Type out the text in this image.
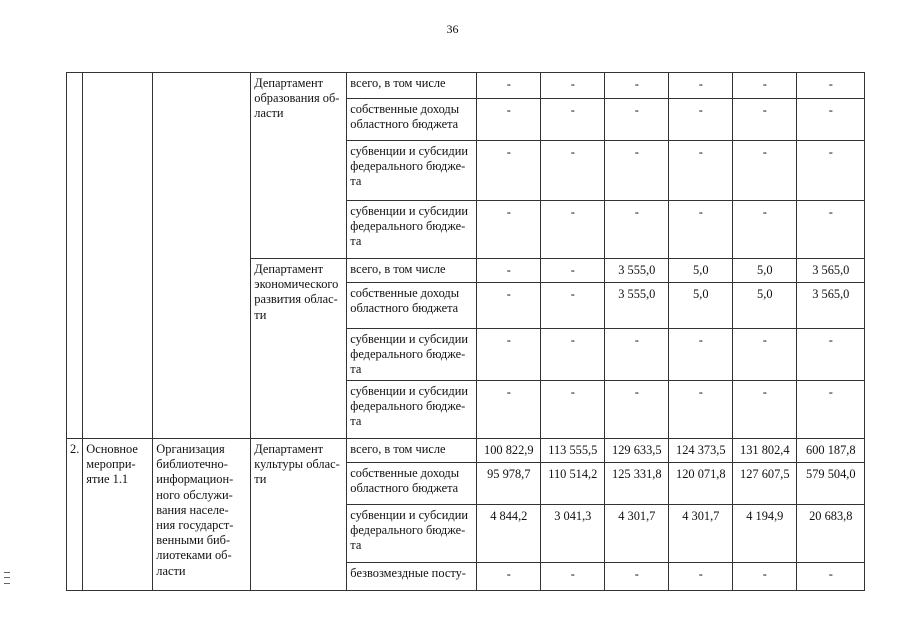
36
			Департамент образования об-ласти	всего, в том числе	-	-	-	-	-	-
				собственные доходы областного бюджета	-	-	-	-	-	-
				субвенции и субсидии федерального бюдже-та	-	-	-	-	-	-
				субвенции и субсидии федерального бюдже-та	-	-	-	-	-	-
			Департамент экономического развития облас-ти	всего, в том числе	-	-	3 555,0	5,0	5,0	3 565,0
				собственные доходы областного бюджета	-	-	3 555,0	5,0	5,0	3 565,0
				субвенции и субсидии федерального бюдже-та	-	-	-	-	-	-
				субвенции и субсидии федерального бюдже-та	-	-	-	-	-	-
2.	Основное меропри-ятие 1.1	Организация библиотечно-информацион-ного обслужи-вания населе-ния государст-венными биб-лиотеками об-ласти	Департамент культуры облас-ти	всего, в том числе	100 822,9	113 555,5	129 633,5	124 373,5	131 802,4	600 187,8
				собственные доходы областного бюджета	95 978,7	110 514,2	125 331,8	120 071,8	127 607,5	579 504,0
				субвенции и субсидии федерального бюдже-та	4 844,2	3 041,3	4 301,7	4 301,7	4 194,9	20 683,8
				безвозмездные посту-	-	-	-	-	-	-
